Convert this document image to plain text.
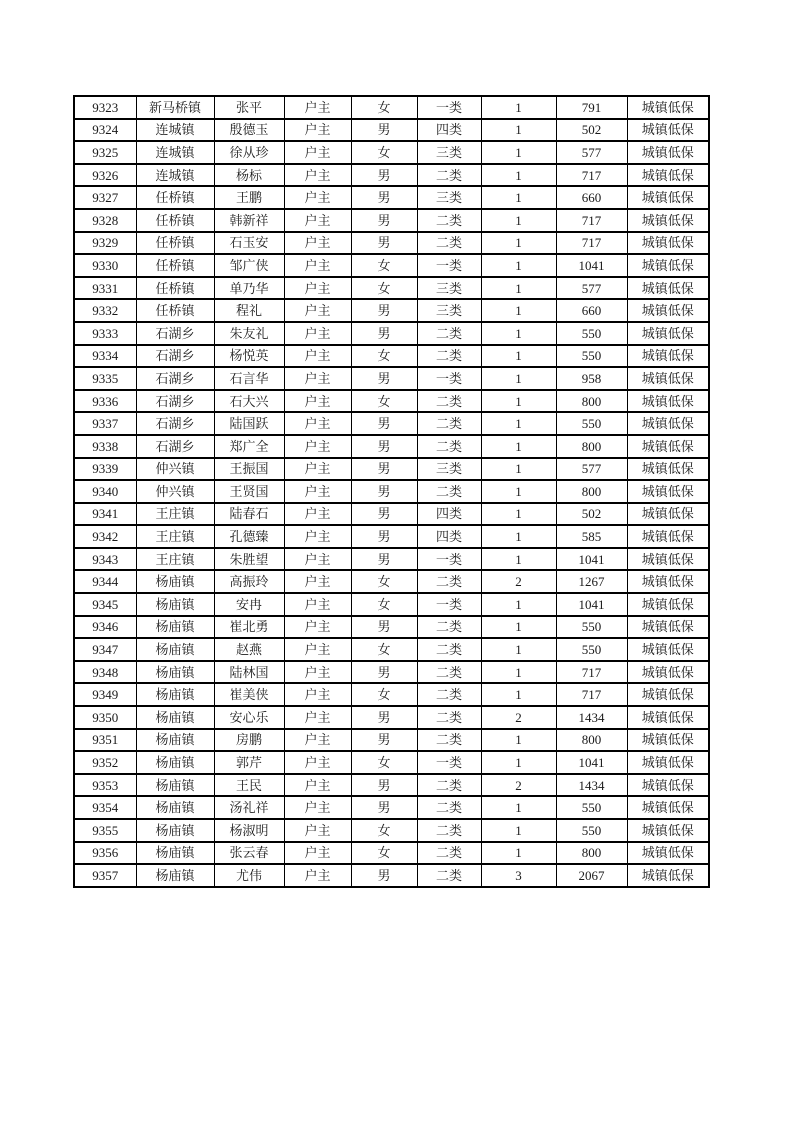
9323	新马桥镇	张平	户主	女	一类	1	791	城镇低保
9324	连城镇	殷德玉	户主	男	四类	1	502	城镇低保
9325	连城镇	徐从珍	户主	女	三类	1	577	城镇低保
9326	连城镇	杨标	户主	男	二类	1	717	城镇低保
9327	任桥镇	王鹏	户主	男	三类	1	660	城镇低保
9328	任桥镇	韩新祥	户主	男	二类	1	717	城镇低保
9329	任桥镇	石玉安	户主	男	二类	1	717	城镇低保
9330	任桥镇	邹广侠	户主	女	一类	1	1041	城镇低保
9331	任桥镇	单乃华	户主	女	三类	1	577	城镇低保
9332	任桥镇	程礼	户主	男	三类	1	660	城镇低保
9333	石湖乡	朱友礼	户主	男	二类	1	550	城镇低保
9334	石湖乡	杨悦英	户主	女	二类	1	550	城镇低保
9335	石湖乡	石言华	户主	男	一类	1	958	城镇低保
9336	石湖乡	石大兴	户主	女	二类	1	800	城镇低保
9337	石湖乡	陆国跃	户主	男	二类	1	550	城镇低保
9338	石湖乡	郑广全	户主	男	二类	1	800	城镇低保
9339	仲兴镇	王振国	户主	男	三类	1	577	城镇低保
9340	仲兴镇	王贤国	户主	男	二类	1	800	城镇低保
9341	王庄镇	陆春石	户主	男	四类	1	502	城镇低保
9342	王庄镇	孔德臻	户主	男	四类	1	585	城镇低保
9343	王庄镇	朱胜望	户主	男	一类	1	1041	城镇低保
9344	杨庙镇	高振玲	户主	女	二类	2	1267	城镇低保
9345	杨庙镇	安冉	户主	女	一类	1	1041	城镇低保
9346	杨庙镇	崔北勇	户主	男	二类	1	550	城镇低保
9347	杨庙镇	赵燕	户主	女	二类	1	550	城镇低保
9348	杨庙镇	陆林国	户主	男	二类	1	717	城镇低保
9349	杨庙镇	崔美侠	户主	女	二类	1	717	城镇低保
9350	杨庙镇	安心乐	户主	男	二类	2	1434	城镇低保
9351	杨庙镇	房鹏	户主	男	二类	1	800	城镇低保
9352	杨庙镇	郭芹	户主	女	一类	1	1041	城镇低保
9353	杨庙镇	王民	户主	男	二类	2	1434	城镇低保
9354	杨庙镇	汤礼祥	户主	男	二类	1	550	城镇低保
9355	杨庙镇	杨淑明	户主	女	二类	1	550	城镇低保
9356	杨庙镇	张云春	户主	女	二类	1	800	城镇低保
9357	杨庙镇	尤伟	户主	男	二类	3	2067	城镇低保
